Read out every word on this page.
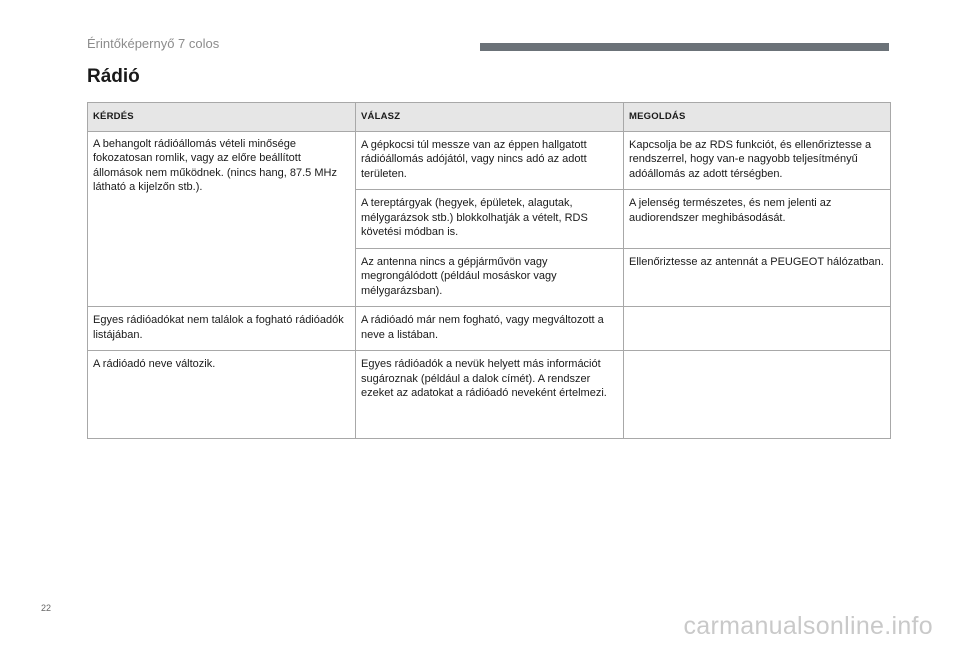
Érintőképernyő 7 colos
Rádió
KÉRDÉS	VÁLASZ	MEGOLDÁS
A behangolt rádióállomás vételi minősége fokozatosan romlik, vagy az előre beállított állomások nem működnek. (nincs hang, 87.5 MHz látható a kijelzőn stb.).	A gépkocsi túl messze van az éppen hallgatott rádióállomás adójától, vagy nincs adó az adott területen.	Kapcsolja be az RDS funkciót, és ellenőriztesse a rendszerrel, hogy van-e nagyobb teljesítményű adóállomás az adott térségben.
	A tereptárgyak (hegyek, épületek, alagutak, mélygarázsok stb.) blokkolhatják a vételt, RDS követési módban is.	A jelenség természetes, és nem jelenti az audiorendszer meghibásodását.
	Az antenna nincs a gépjárművön vagy megrongálódott (például mosáskor vagy mélygarázsban).	Ellenőriztesse az antennát a PEUGEOT hálózatban.
Egyes rádióadókat nem találok a fogható rádióadók listájában.	A rádióadó már nem fogható, vagy megváltozott a neve a listában.	
A rádióadó neve változik.	Egyes rádióadók a nevük helyett más információt sugároznak (például a dalok címét). A rendszer ezeket az adatokat a rádióadó neveként értelmezi.	
22
carmanualsonline.info
